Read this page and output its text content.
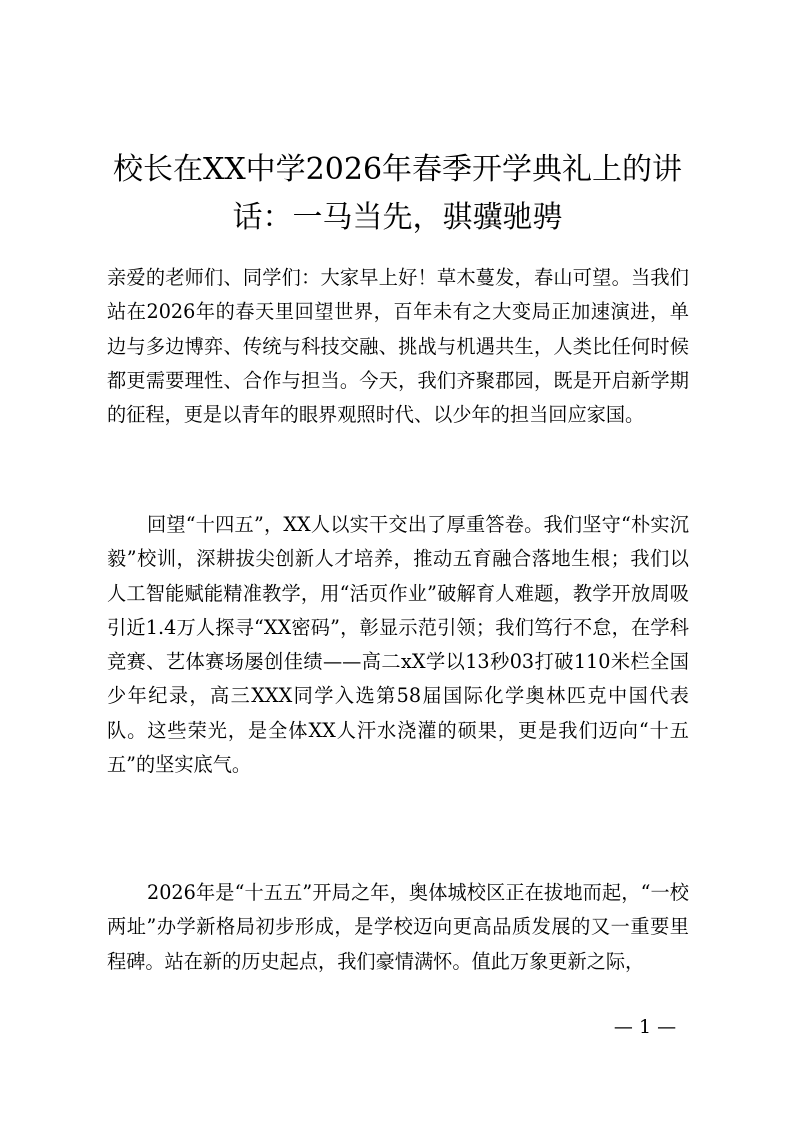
校长在XX中学2026年春季开学典礼上的讲话：一马当先，骐骥驰骋

亲爱的老师们、同学们：大家早上好！草木蔓发，春山可望。当我们站在2026年的春天里回望世界，百年未有之大变局正加速演进，单边与多边博弈、传统与科技交融、挑战与机遇共生，人类比任何时候都更需要理性、合作与担当。今天，我们齐聚郡园，既是开启新学期的征程，更是以青年的眼界观照时代、以少年的担当回应家国。

回望“十四五”，XX人以实干交出了厚重答卷。我们坚守“朴实沉毅”校训，深耕拔尖创新人才培养，推动五育融合落地生根；我们以人工智能赋能精准教学，用“活页作业”破解育人难题，教学开放周吸引近1.4万人探寻“XX密码”，彰显示范引领；我们笃行不怠，在学科竞赛、艺体赛场屡创佳绩——高二xX学以13秒03打破110米栏全国少年纪录，高三XXX同学入选第58届国际化学奥林匹克中国代表队。这些荣光，是全体XX人汗水浇灌的硕果，更是我们迈向“十五五”的坚实底气。

2026年是“十五五”开局之年，奥体城校区正在拔地而起，“一校两址”办学新格局初步形成，是学校迈向更高品质发展的又一重要里程碑。站在新的历史起点，我们豪情满怀。值此万象更新之际，

— 1 —
